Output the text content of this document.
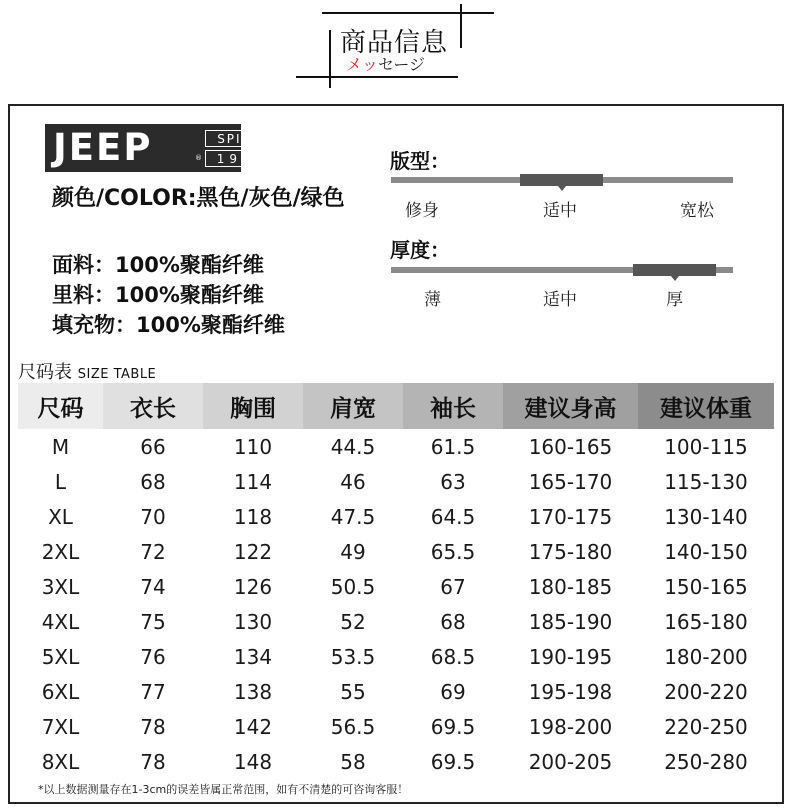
商品信息
メッセージ
JEEP	®
SPIRIT
1941
颜色/COLOR:黑色/灰色/绿色
面料：100%聚酯纤维
里料：100%聚酯纤维
填充物：100%聚酯纤维
版型：
修身	适中	宽松
厚度：
薄	适中	厚
尺码表 SIZE TABLE
尺码	衣长	胸围	肩宽	袖长	建议身高	建议体重
M	66	110	44.5	61.5	160-165	100-115
L	68	114	46	63	165-170	115-130
XL	70	118	47.5	64.5	170-175	130-140
2XL	72	122	49	65.5	175-180	140-150
3XL	74	126	50.5	67	180-185	150-165
4XL	75	130	52	68	185-190	165-180
5XL	76	134	53.5	68.5	190-195	180-200
6XL	77	138	55	69	195-198	200-220
7XL	78	142	56.5	69.5	198-200	220-250
8XL	78	148	58	69.5	200-205	250-280
*以上数据测量存在1-3cm的误差皆属正常范围，如有不清楚的可咨询客服！
